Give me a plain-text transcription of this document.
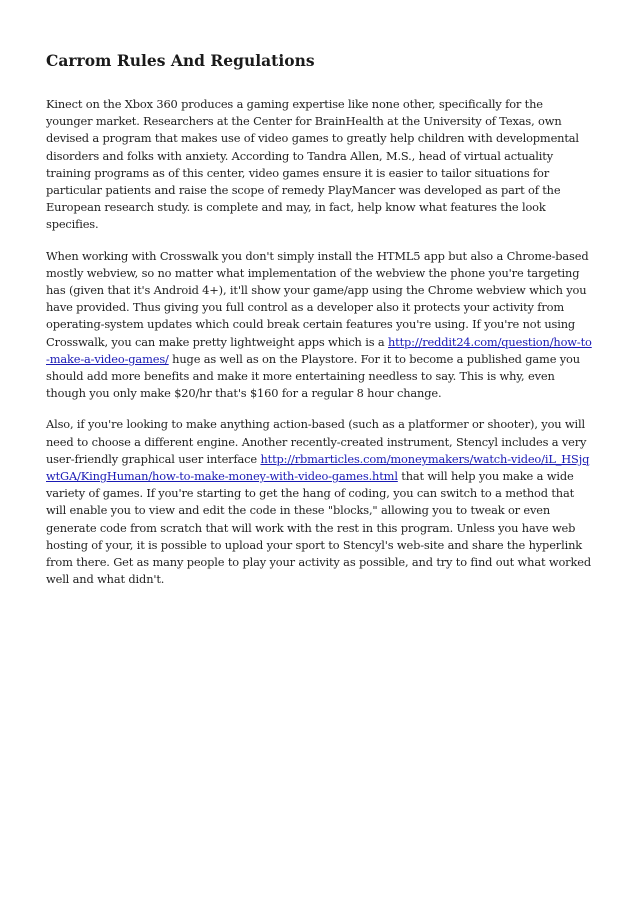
Carrom Rules And Regulations

Kinect on the Xbox 360 produces a gaming expertise like none other, specifically for the younger market. Researchers at the Center for BrainHealth at the University of Texas, own devised a program that makes use of video games to greatly help children with developmental disorders and folks with anxiety. According to Tandra Allen, M.S., head of virtual actuality training programs as of this center, video games ensure it is easier to tailor situations for particular patients and raise the scope of remedy PlayMancer was developed as part of the European research study. is complete and may, in fact, help know what features the look specifies.

When working with Crosswalk you don't simply install the HTML5 app but also a Chrome-based mostly webview, so no matter what implementation of the webview the phone you're targeting has (given that it's Android 4+), it'll show your game/app using the Chrome webview which you have provided. Thus giving you full control as a developer also it protects your activity from operating-system updates which could break certain features you're using. If you're not using Crosswalk, you can make pretty lightweight apps which is a http://reddit24.com/question/how-to-make-a-video-games/ huge as well as on the Playstore. For it to become a published game you should add more benefits and make it more entertaining needless to say. This is why, even though you only make $20/hr that's $160 for a regular 8 hour change.

Also, if you're looking to make anything action-based (such as a platformer or shooter), you will need to choose a different engine. Another recently-created instrument, Stencyl includes a very user-friendly graphical user interface http://rbmarticles.com/moneymakers/watch-video/iL_HSjqwtGA/KingHuman/how-to-make-money-with-video-games.html that will help you make a wide variety of games. If you're starting to get the hang of coding, you can switch to a method that will enable you to view and edit the code in these "blocks," allowing you to tweak or even generate code from scratch that will work with the rest in this program. Unless you have web hosting of your, it is possible to upload your sport to Stencyl's web-site and share the hyperlink from there. Get as many people to play your activity as possible, and try to find out what worked well and what didn't.
